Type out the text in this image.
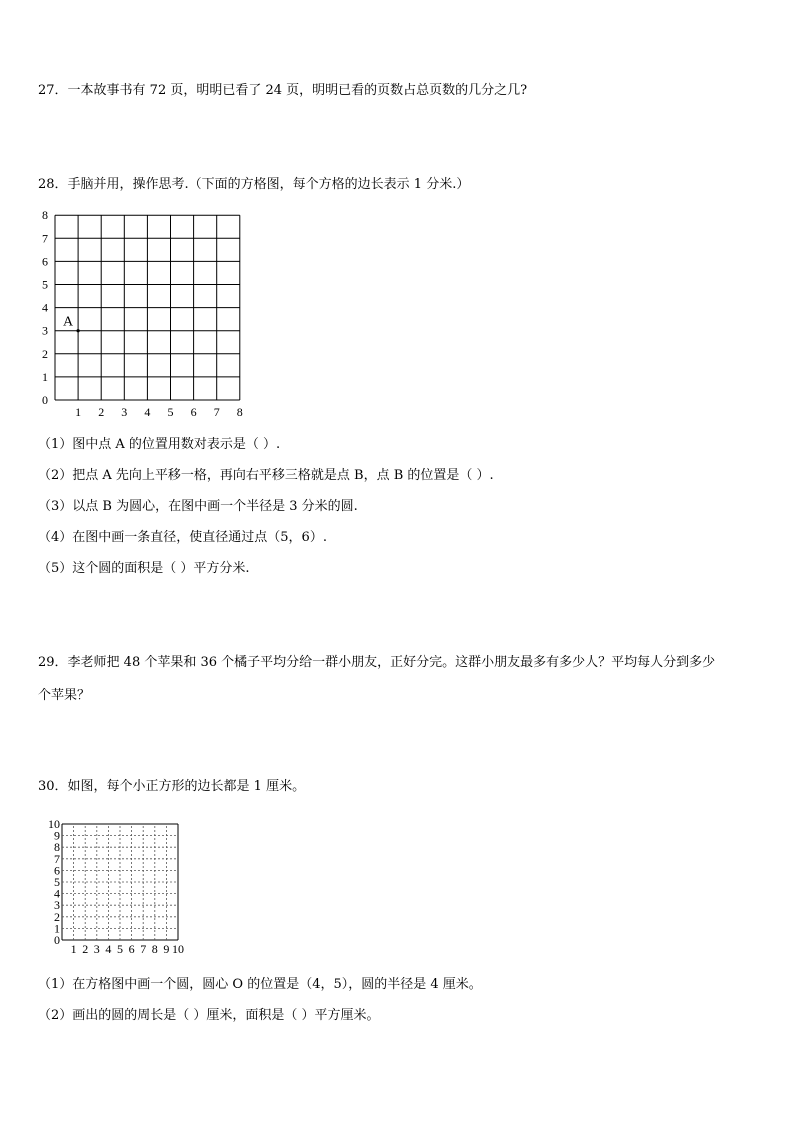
27．一本故事书有 72 页，明明已看了 24 页，明明已看的页数占总页数的几分之几?
28．手脑并用，操作思考.（下面的方格图，每个方格的边长表示 1 分米.）
1 2 3 4 5 6 7 8
0
1
2
3
4
5
6
7
8
A
（1）图中点 A 的位置用数对表示是（ ）.
（2）把点 A 先向上平移一格，再向右平移三格就是点 B，点 B 的位置是（ ）.
（3）以点 B 为圆心，在图中画一个半径是 3 分米的圆.
（4）在图中画一条直径，使直径通过点（5，6）.
（5）这个圆的面积是（ ）平方分米.
29．李老师把 48 个苹果和 36 个橘子平均分给一群小朋友，正好分完。这群小朋友最多有多少人？平均每人分到多少
个苹果？
30．如图，每个小正方形的边长都是 1 厘米。
1 2 3 4 5 6 7 8 9 10
0
1
2
3
4
5
6
7
8
9
10
（1）在方格图中画一个圆，圆心 O 的位置是（4，5），圆的半径是 4 厘米。
（2）画出的圆的周长是（ ）厘米，面积是（ ）平方厘米。
